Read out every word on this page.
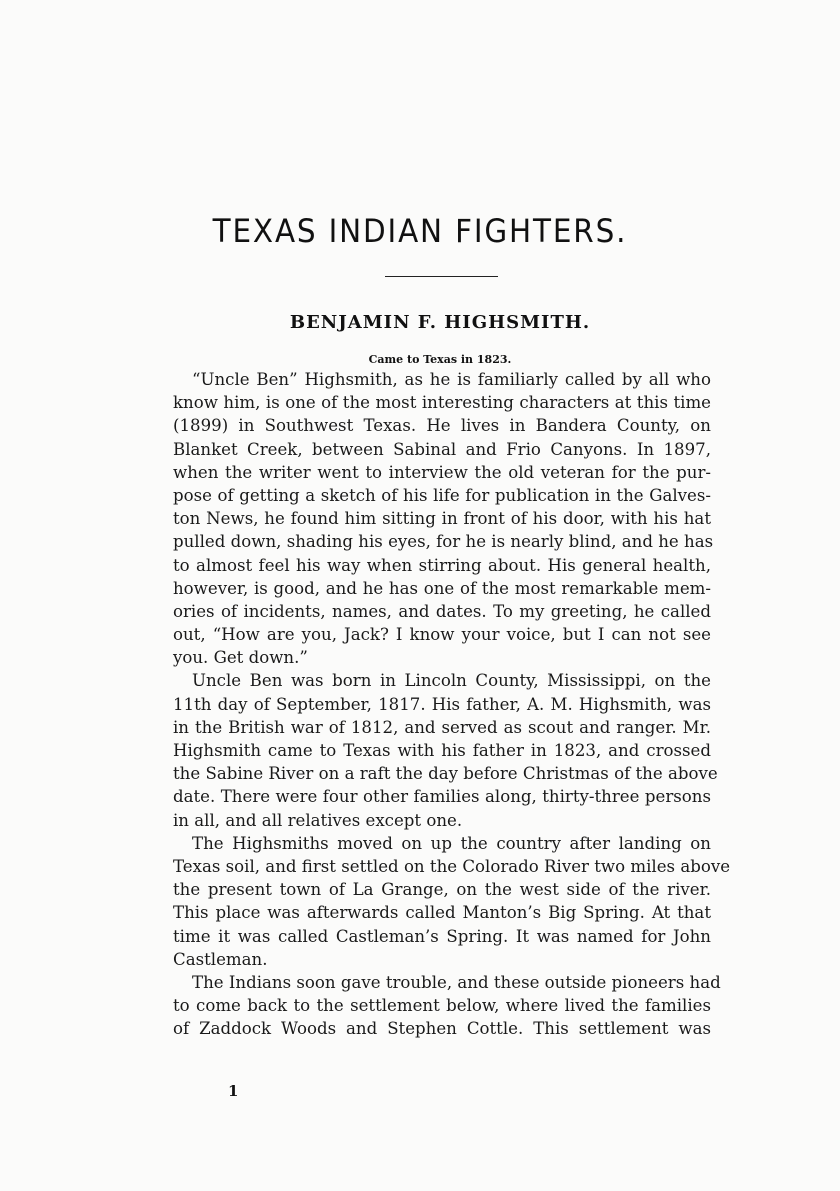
TEXAS INDIAN FIGHTERS.
BENJAMIN F. HIGHSMITH.
Came to Texas in 1823.
“Uncle Ben” Highsmith, as he is familiarly called by all who
know him, is one of the most interesting characters at this time
(1899) in Southwest Texas. He lives in Bandera County, on
Blanket Creek, between Sabinal and Frio Canyons. In 1897,
when the writer went to interview the old veteran for the pur-
pose of getting a sketch of his life for publication in the Galves-
ton News, he found him sitting in front of his door, with his hat
pulled down, shading his eyes, for he is nearly blind, and he has
to almost feel his way when stirring about. His general health,
however, is good, and he has one of the most remarkable mem-
ories of incidents, names, and dates. To my greeting, he called
out, “How are you, Jack? I know your voice, but I can not see
you. Get down.”
Uncle Ben was born in Lincoln County, Mississippi, on the
11th day of September, 1817. His father, A. M. Highsmith, was
in the British war of 1812, and served as scout and ranger. Mr.
Highsmith came to Texas with his father in 1823, and crossed
the Sabine River on a raft the day before Christmas of the above
date. There were four other families along, thirty-three persons
in all, and all relatives except one.
The Highsmiths moved on up the country after landing on
Texas soil, and first settled on the Colorado River two miles above
the present town of La Grange, on the west side of the river.
This place was afterwards called Manton’s Big Spring. At that
time it was called Castleman’s Spring. It was named for John
Castleman.
The Indians soon gave trouble, and these outside pioneers had
to come back to the settlement below, where lived the families
of Zaddock Woods and Stephen Cottle. This settlement was
1
